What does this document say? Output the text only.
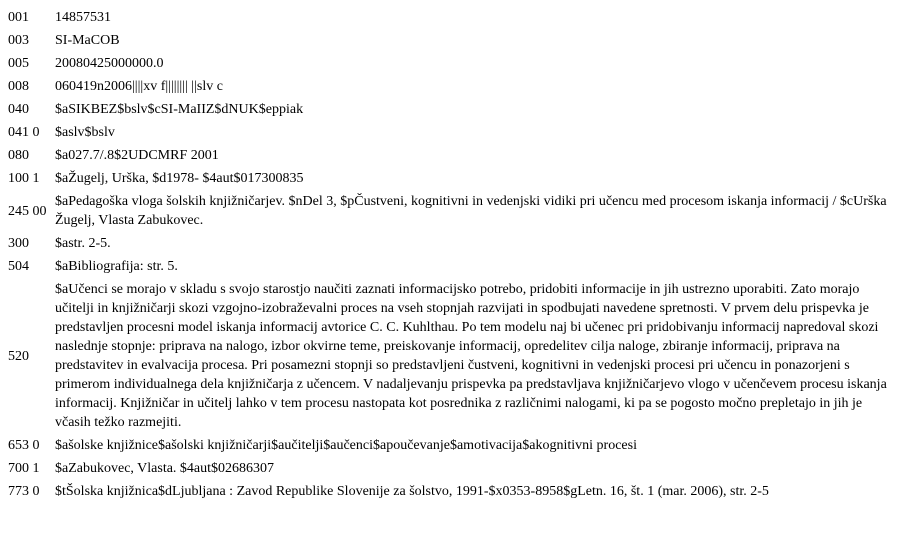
001	14857531
003	SI-MaCOB
005	20080425000000.0
008	060419n2006||||xv f|||||||| ||slv c
040	$aSIKBEZ$bslv$cSI-MaIIZ$dNUK$eppiak
041 0	$aslv$bslv
080	$a027.7/.8$2UDCMRF 2001
100 1	$aŽugelj, Urška, $d1978- $4aut$017300835
245 00	$aPedagoška vloga šolskih knjižničarjev. $nDel 3, $pČustveni, kognitivni in vedenjski vidiki pri učencu med procesom iskanja informacij / $cUrška Žugelj, Vlasta Zabukovec.
300	$astr. 2-5.
504	$aBibliografija: str. 5.
520	$aUčenci se morajo v skladu s svojo starostjo naučiti zaznati informacijsko potrebo, pridobiti informacije in jih ustrezno uporabiti. Zato morajo učitelji in knjižničarji skozi vzgojno-izobraževalni proces na vseh stopnjah razvijati in spodbujati navedene spretnosti. V prvem delu prispevka je predstavljen procesni model iskanja informacij avtorice C. C. Kuhlthau. Po tem modelu naj bi učenec pri pridobivanju informacij napredoval skozi naslednje stopnje: priprava na nalogo, izbor okvirne teme, preiskovanje informacij, opredelitev cilja naloge, zbiranje informacij, priprava na predstavitev in evalvacija procesa. Pri posamezni stopnji so predstavljeni čustveni, kognitivni in vedenjski procesi pri učencu in ponazorjeni s primerom individualnega dela knjižničarja z učencem. V nadaljevanju prispevka pa predstavljava knjižničarjevo vlogo v učenčevem procesu iskanja informacij. Knjižničar in učitelj lahko v tem procesu nastopata kot posrednika z različnimi nalogami, ki pa se pogosto močno prepletajo in jih je včasih težko razmejiti.
653 0	$ašolske knjižnice$ašolski knjižničarji$aučitelji$aučenci$apoučevanje$amotivacija$akognitivni procesi
700 1	$aZabukovec, Vlasta. $4aut$02686307
773 0	$tŠolska knjižnica$dLjubljana : Zavod Republike Slovenije za šolstvo, 1991-$x0353-8958$gLetn. 16, št. 1 (mar. 2006), str. 2-5
